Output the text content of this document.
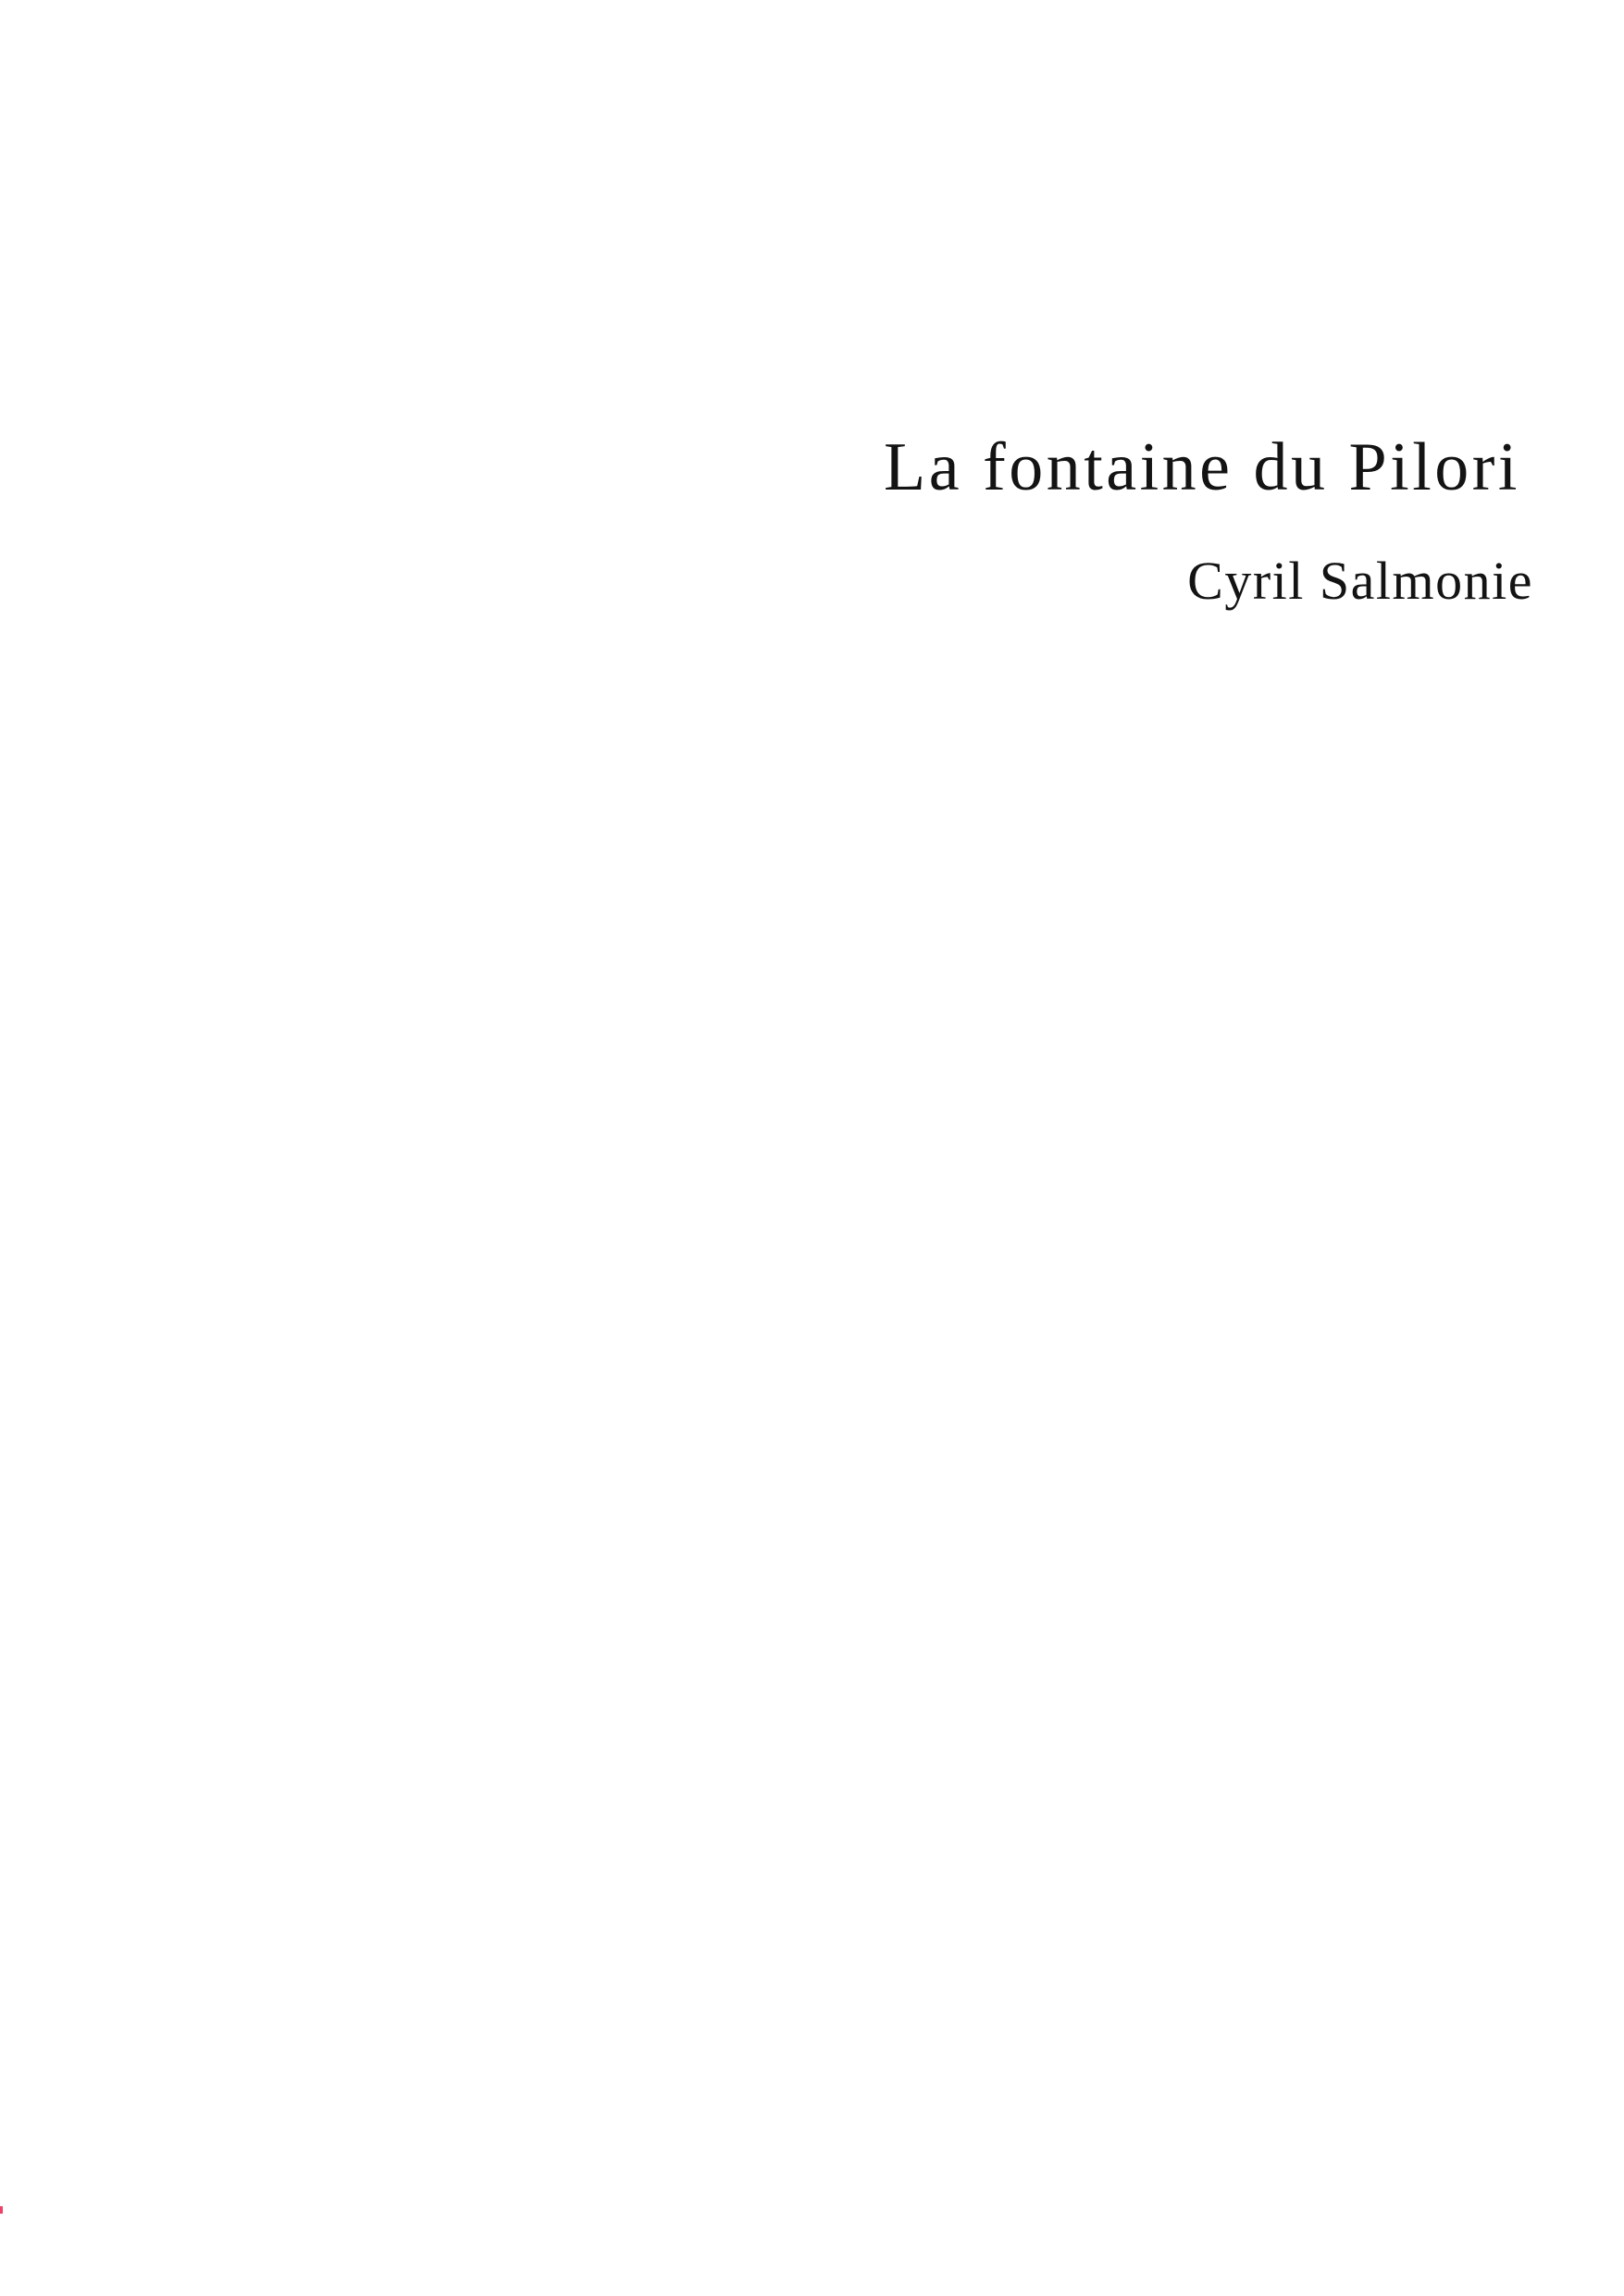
La fontaine du Pilori
Cyril Salmonie
